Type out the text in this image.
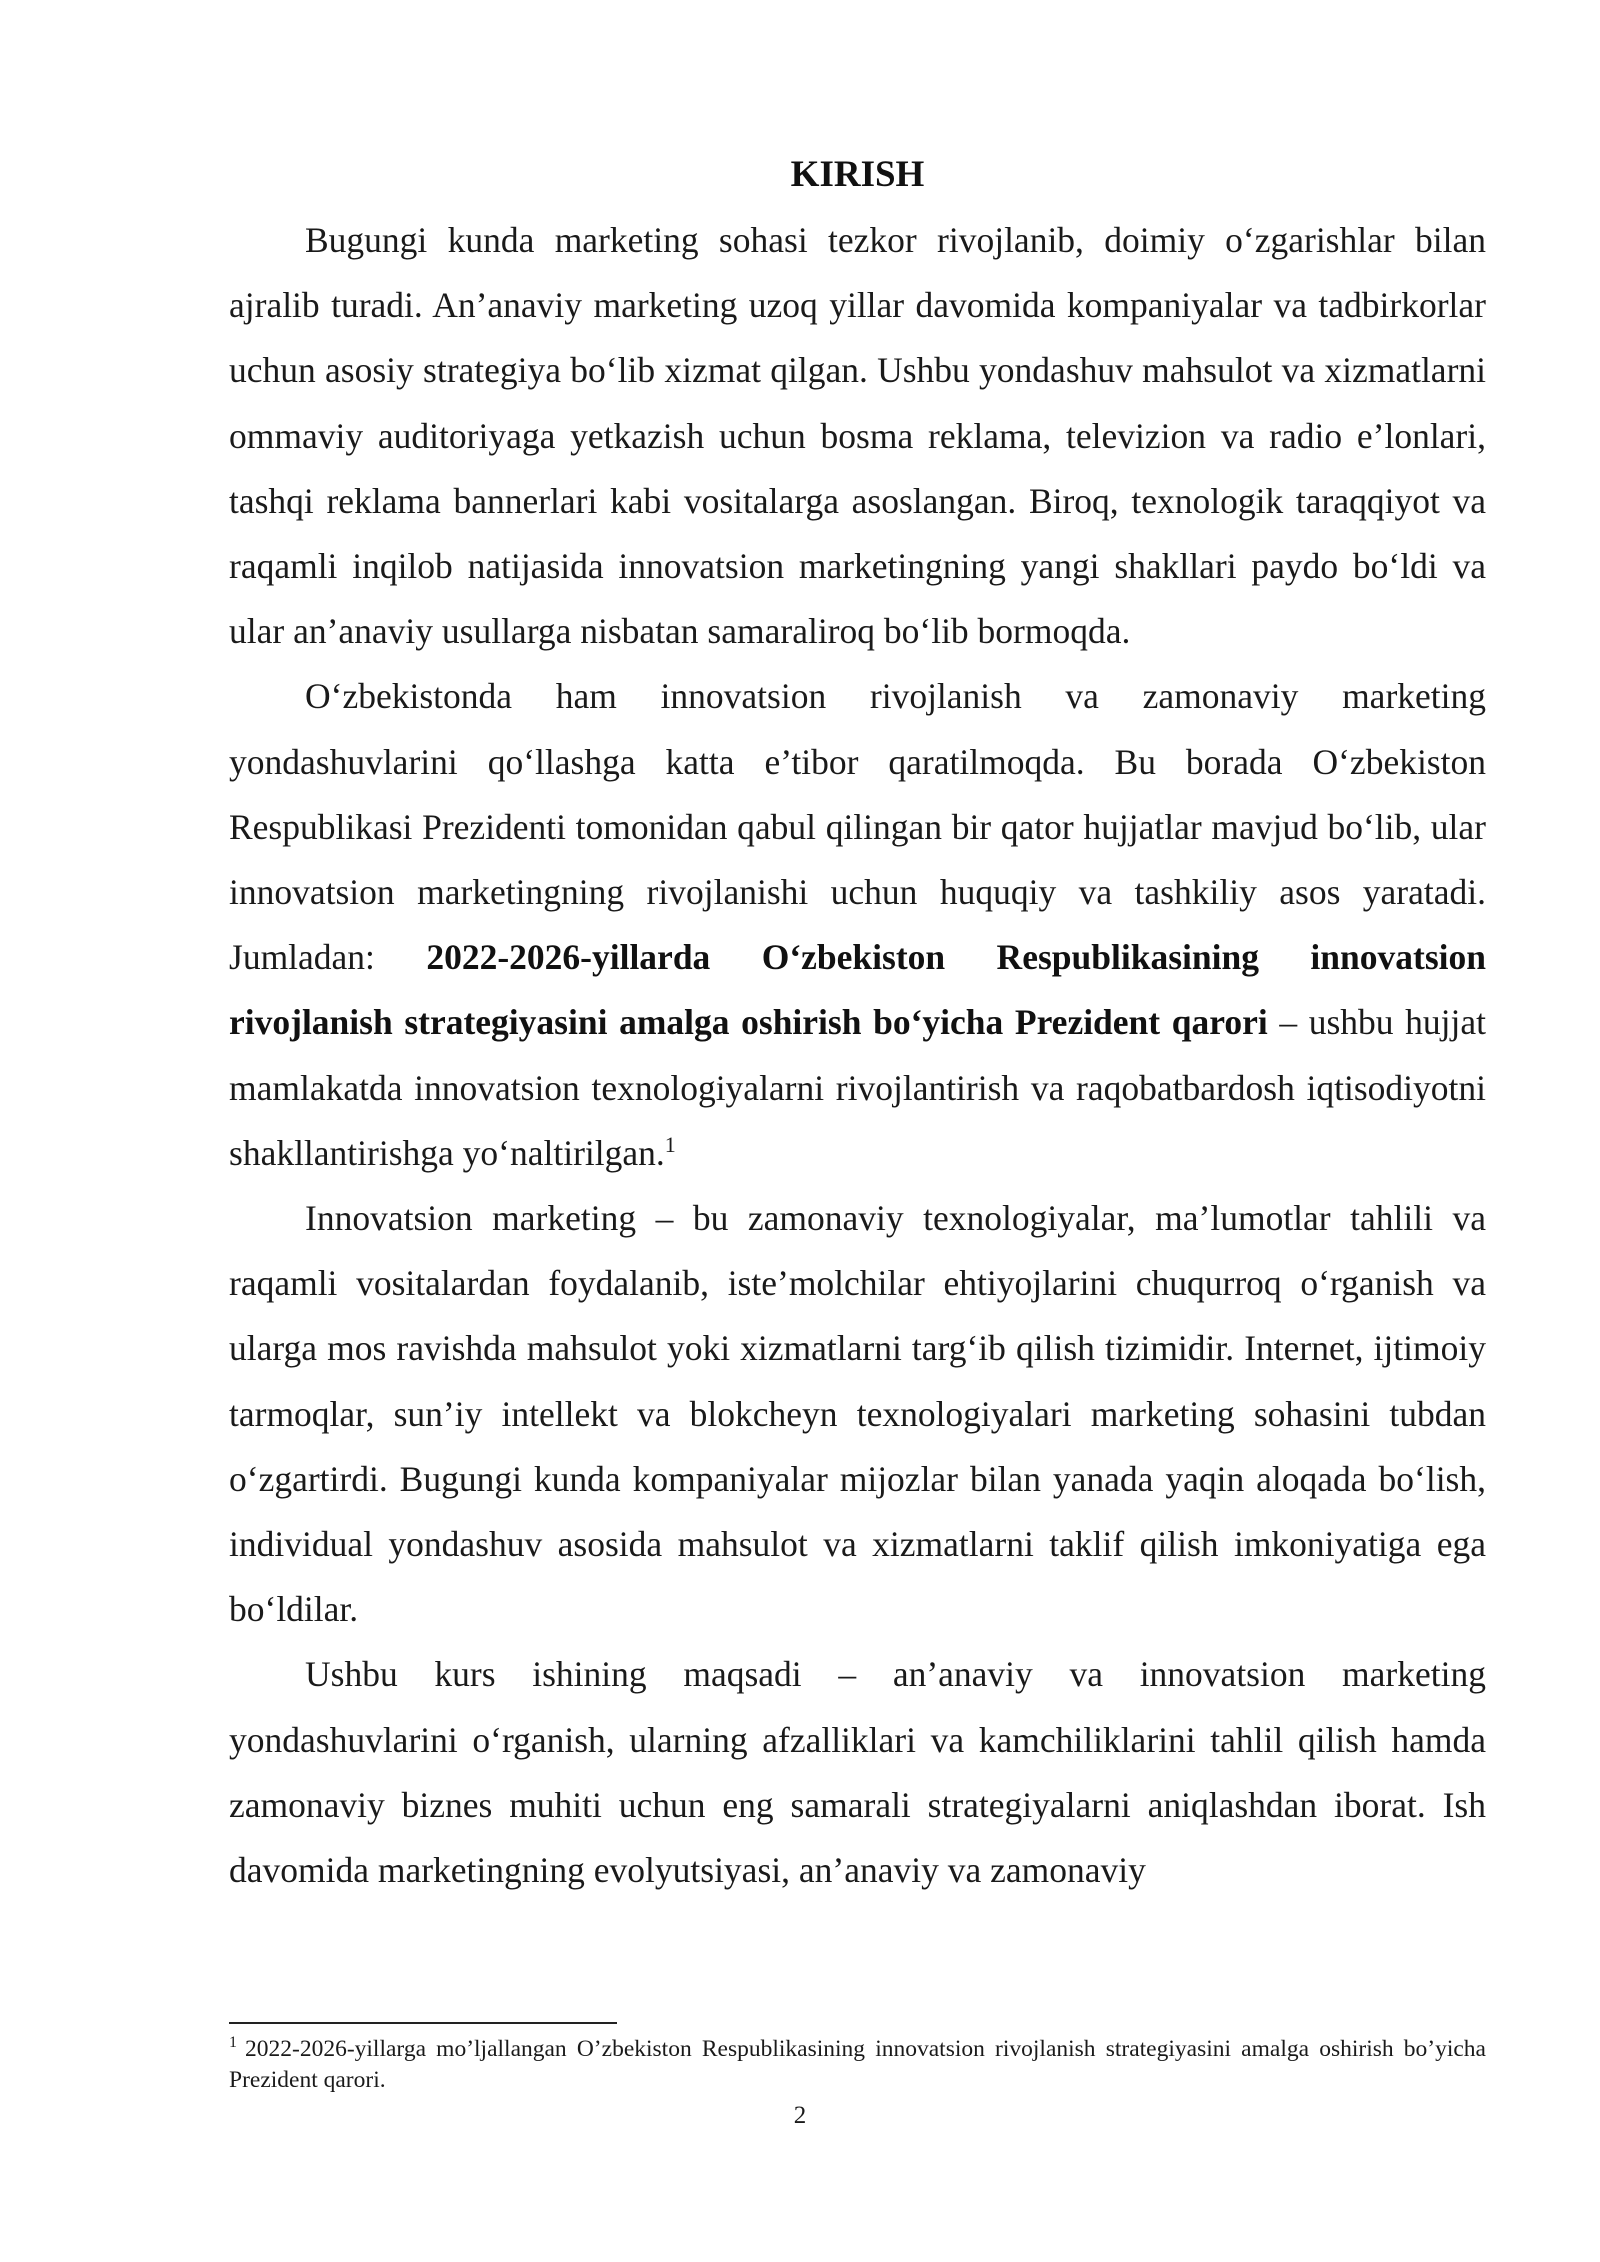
KIRISH

Bugungi kunda marketing sohasi tezkor rivojlanib, doimiy o‘zgarishlar bilan ajralib turadi. An’anaviy marketing uzoq yillar davomida kompaniyalar va tadbirkorlar uchun asosiy strategiya bo‘lib xizmat qilgan. Ushbu yondashuv mahsulot va xizmatlarni ommaviy auditoriyaga yetkazish uchun bosma reklama, televizion va radio e’lonlari, tashqi reklama bannerlari kabi vositalarga asoslangan. Biroq, texnologik taraqqiyot va raqamli inqilob natijasida innovatsion marketingning yangi shakllari paydo bo‘ldi va ular an’anaviy usullarga nisbatan samaraliroq bo‘lib bormoqda.

O‘zbekistonda ham innovatsion rivojlanish va zamonaviy marketing yondashuvlarini qo‘llashga katta e’tibor qaratilmoqda. Bu borada O‘zbekiston Respublikasi Prezidenti tomonidan qabul qilingan bir qator hujjatlar mavjud bo‘lib, ular innovatsion marketingning rivojlanishi uchun huquqiy va tashkiliy asos yaratadi. Jumladan: 2022-2026-yillarda O‘zbekiston Respublikasining innovatsion rivojlanish strategiyasini amalga oshirish bo‘yicha Prezident qarori – ushbu hujjat mamlakatda innovatsion texnologiyalarni rivojlantirish va raqobatbardosh iqtisodiyotni shakllantirishga yo‘naltirilgan.$^1$

Innovatsion marketing – bu zamonaviy texnologiyalar, ma’lumotlar tahlili va raqamli vositalardan foydalanib, iste’molchilar ehtiyojlarini chuqurroq o‘rganish va ularga mos ravishda mahsulot yoki xizmatlarni targ‘ib qilish tizimidir. Internet, ijtimoiy tarmoqlar, sun’iy intellekt va blokcheyn texnologiyalari marketing sohasini tubdan o‘zgartirdi. Bugungi kunda kompaniyalar mijozlar bilan yanada yaqin aloqada bo‘lish, individual yondashuv asosida mahsulot va xizmatlarni taklif qilish imkoniyatiga ega bo‘ldilar.

Ushbu kurs ishining maqsadi – an’anaviy va innovatsion marketing yondashuvlarini o‘rganish, ularning afzalliklari va kamchiliklarini tahlil qilish hamda zamonaviy biznes muhiti uchun eng samarali strategiyalarni aniqlashdan iborat. Ish davomida marketingning evolyutsiyasi, an’anaviy va zamonaviy

$^1$ 2022-2026-yillarga mo’ljallangan O’zbekiston Respublikasining innovatsion rivojlanish strategiyasini amalga oshirish bo’yicha Prezident qarori.

2
